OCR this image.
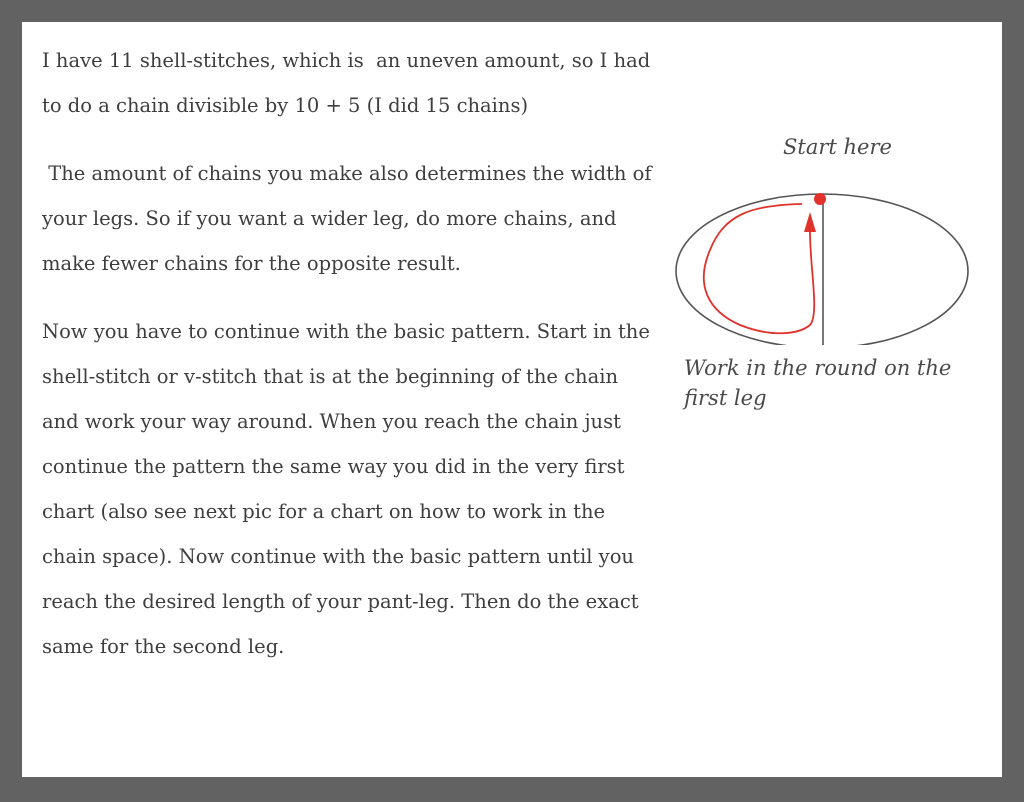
I have 11 shell-stitches, which is  an uneven amount, so I had to do a chain divisible by 10 + 5 (I did 15 chains)

The amount of chains you make also determines the width of your legs. So if you want a wider leg, do more chains, and make fewer chains for the opposite result.

Now you have to continue with the basic pattern. Start in the shell-stitch or v-stitch that is at the beginning of the chain  and work your way around. When you reach the chain just continue the pattern the same way you did in the very first chart (also see next pic for a chart on how to work in the chain space). Now continue with the basic pattern until you reach the desired length of your pant-leg. Then do the exact same for the second leg.

Start here
Work in the round on the first leg
